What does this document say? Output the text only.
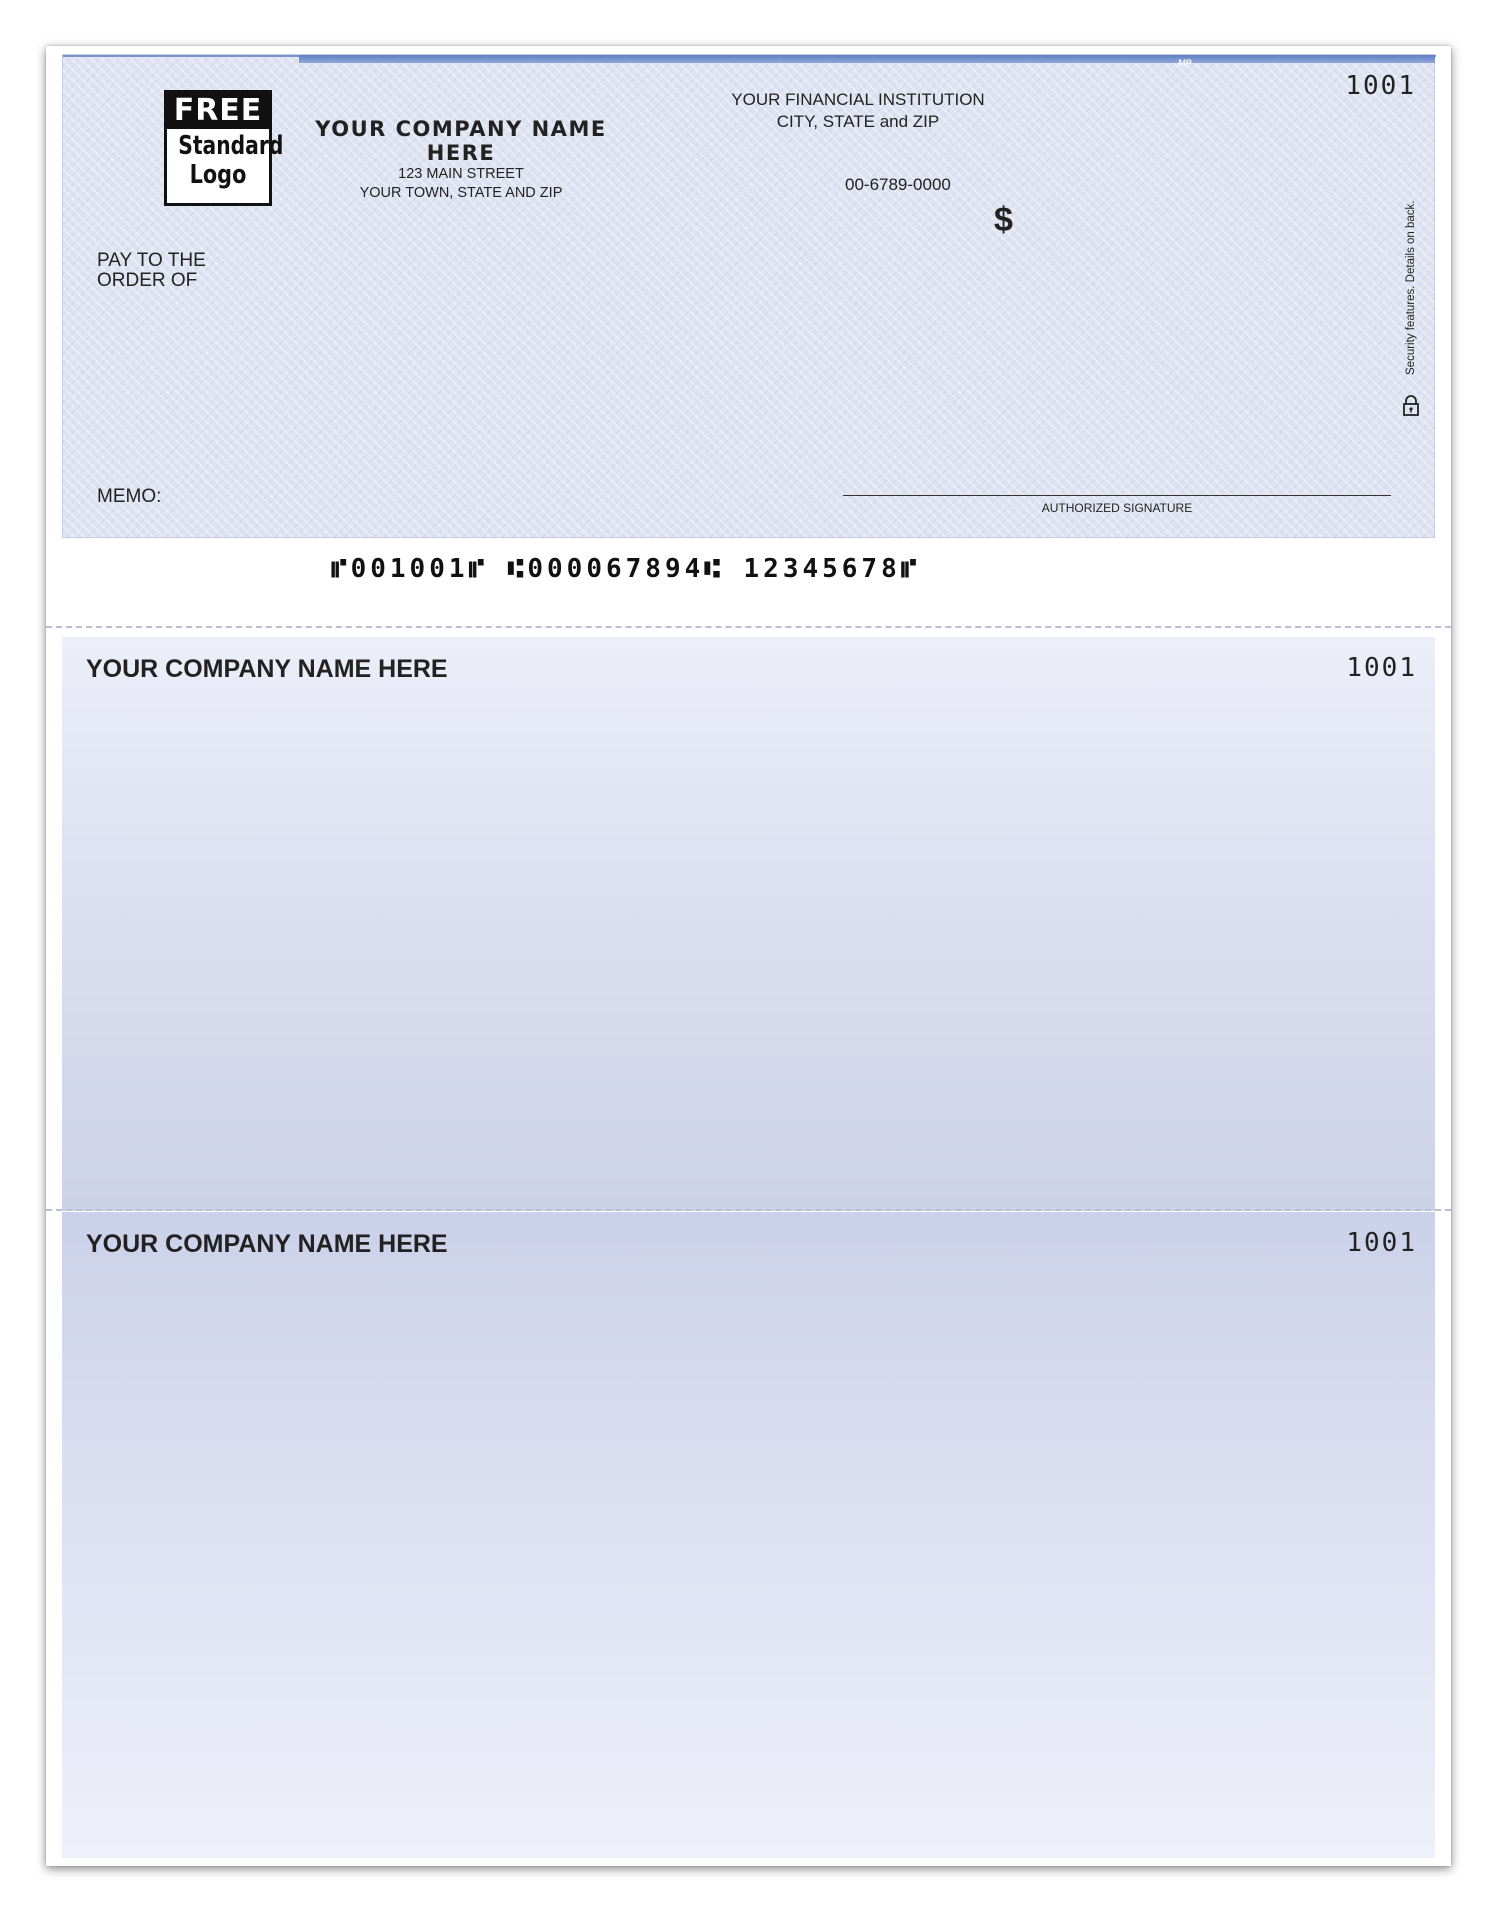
MP
FREE
Standard
Logo
YOUR COMPANY NAME HERE
123 MAIN STREET
YOUR TOWN, STATE AND ZIP
YOUR FINANCIAL INSTITUTION
CITY, STATE and ZIP
00-6789-0000
$
1001
PAY TO THE
ORDER OF
MEMO:
AUTHORIZED SIGNATURE
Security features. Details on back.
⑈001001⑈ ⑆000067894⑆ 12345678⑈
YOUR COMPANY NAME HERE	1001
YOUR COMPANY NAME HERE	1001
